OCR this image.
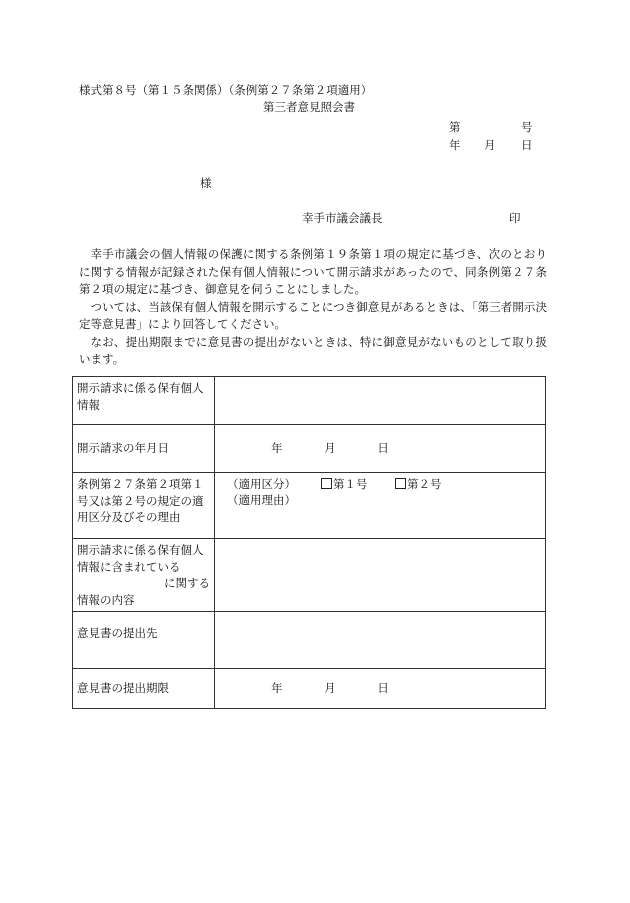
様式第８号（第１５条関係）（条例第２７条第２項適用）
第三者意見照会書
第	号
年 月 日
様
幸手市議会議長	印

幸手市議会の個人情報の保護に関する条例第１９条第１項の規定に基づき、次のとおり　　　　　　　に関する情報が記録された保有個人情報について開示請求があったので、同条例第２７条第２項の規定に基づき、御意見を伺うことにしました。

ついては、当該保有個人情報を開示することにつき御意見があるときは、「第三者開示決定等意見書」により回答してください。

なお、提出期限までに意見書の提出がないときは、特に御意見がないものとして取り扱います。

開示請求に係る保有個人情報	
開示請求の年月日	年 月 日
条例第２７条第２項第１号又は第２号の規定の適用区分及びその理由	（適用区分） 第１号 第２号
（適用理由）

開示請求に係る保有個人情報に含まれている
に関する
情報の内容	

意見書の提出先	
意見書の提出期限	年 月 日
